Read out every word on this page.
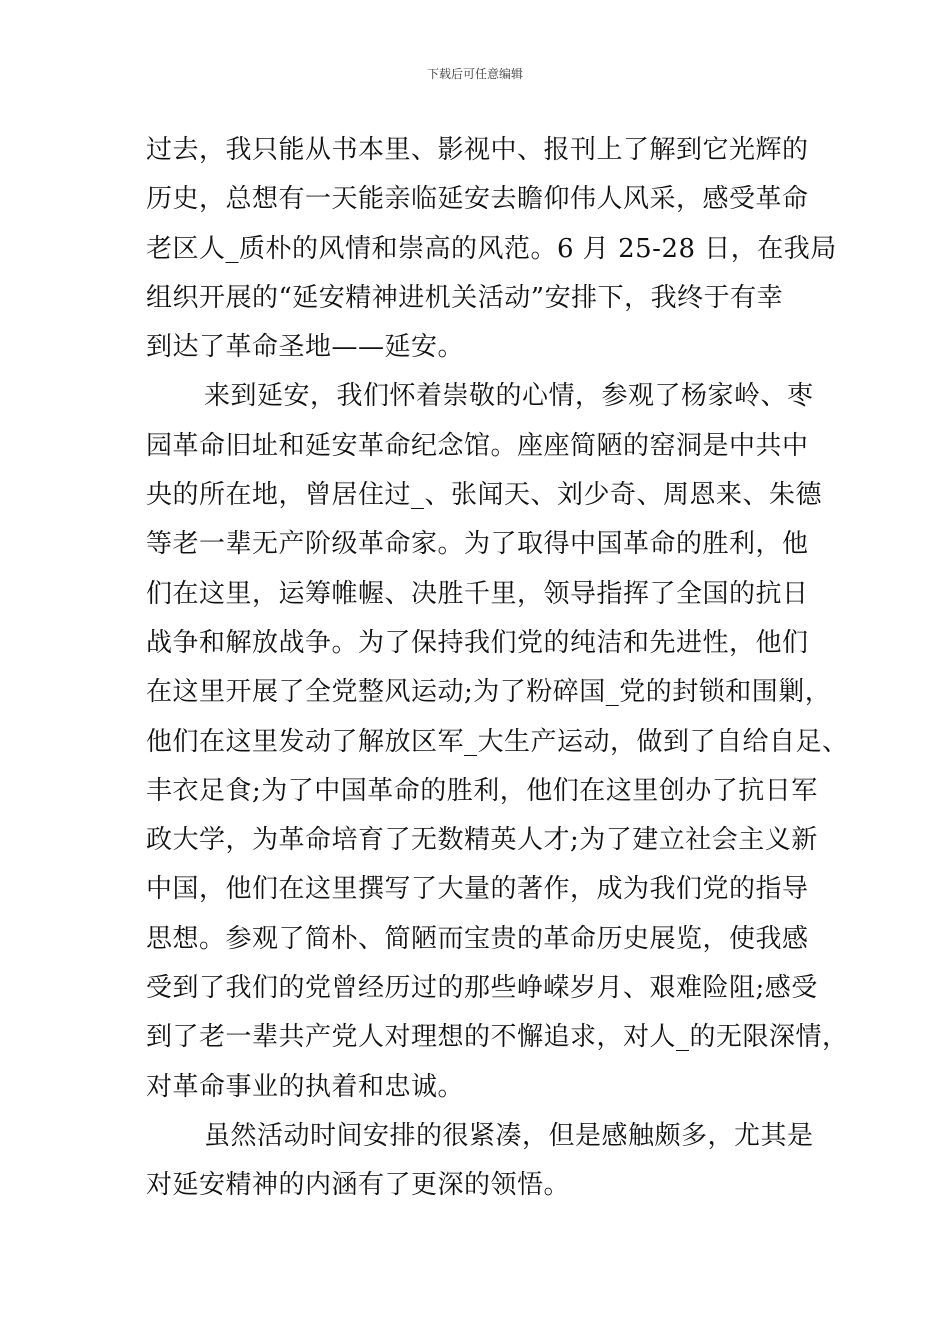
下载后可任意编辑
过去，我只能从书本里、影视中、报刊上了解到它光辉的
历史，总想有一天能亲临延安去瞻仰伟人风采，感受革命
老区人_质朴的风情和崇高的风范。6 月 25-28 日，在我局
组织开展的“延安精神进机关活动”安排下，我终于有幸
到达了革命圣地——延安。
来到延安，我们怀着崇敬的心情，参观了杨家岭、枣
园革命旧址和延安革命纪念馆。座座简陋的窑洞是中共中
央的所在地，曾居住过_、张闻天、刘少奇、周恩来、朱德
等老一辈无产阶级革命家。为了取得中国革命的胜利，他
们在这里，运筹帷幄、决胜千里，领导指挥了全国的抗日
战争和解放战争。为了保持我们党的纯洁和先进性，他们
在这里开展了全党整风运动;为了粉碎国_党的封锁和围剿，
他们在这里发动了解放区军_大生产运动，做到了自给自足、
丰衣足食;为了中国革命的胜利，他们在这里创办了抗日军
政大学，为革命培育了无数精英人才;为了建立社会主义新
中国，他们在这里撰写了大量的著作，成为我们党的指导
思想。参观了简朴、简陋而宝贵的革命历史展览，使我感
受到了我们的党曾经历过的那些峥嵘岁月、艰难险阻;感受
到了老一辈共产党人对理想的不懈追求，对人_的无限深情，
对革命事业的执着和忠诚。
虽然活动时间安排的很紧凑，但是感触颇多，尤其是
对延安精神的内涵有了更深的领悟。
